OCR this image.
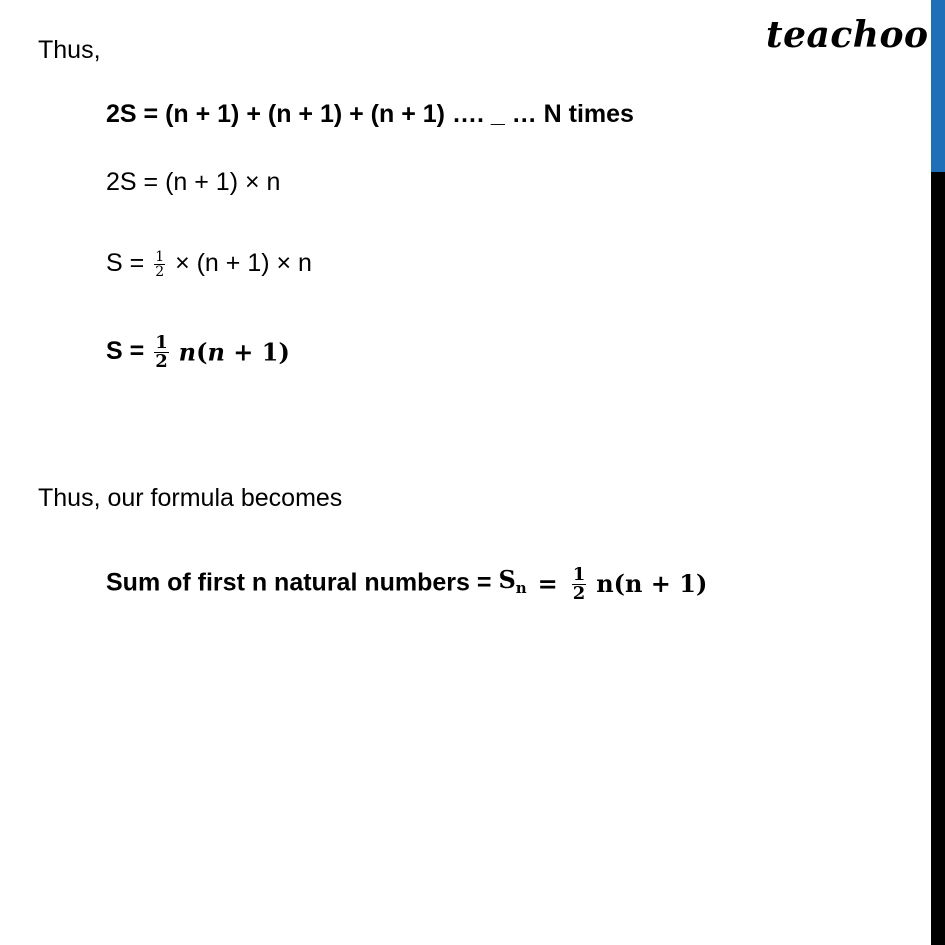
teachoo
Thus,
2S = (n + 1) + (n + 1) + (n + 1) …. _ … N times
2S = (n + 1) × n
$S = \frac{1}{2} \times (n + 1) \times n$
$S = \frac{1}{2} n(n + 1)$
Thus, our formula becomes
Sum of first n natural numbers = $S_n = \frac{1}{2} n(n + 1)$
